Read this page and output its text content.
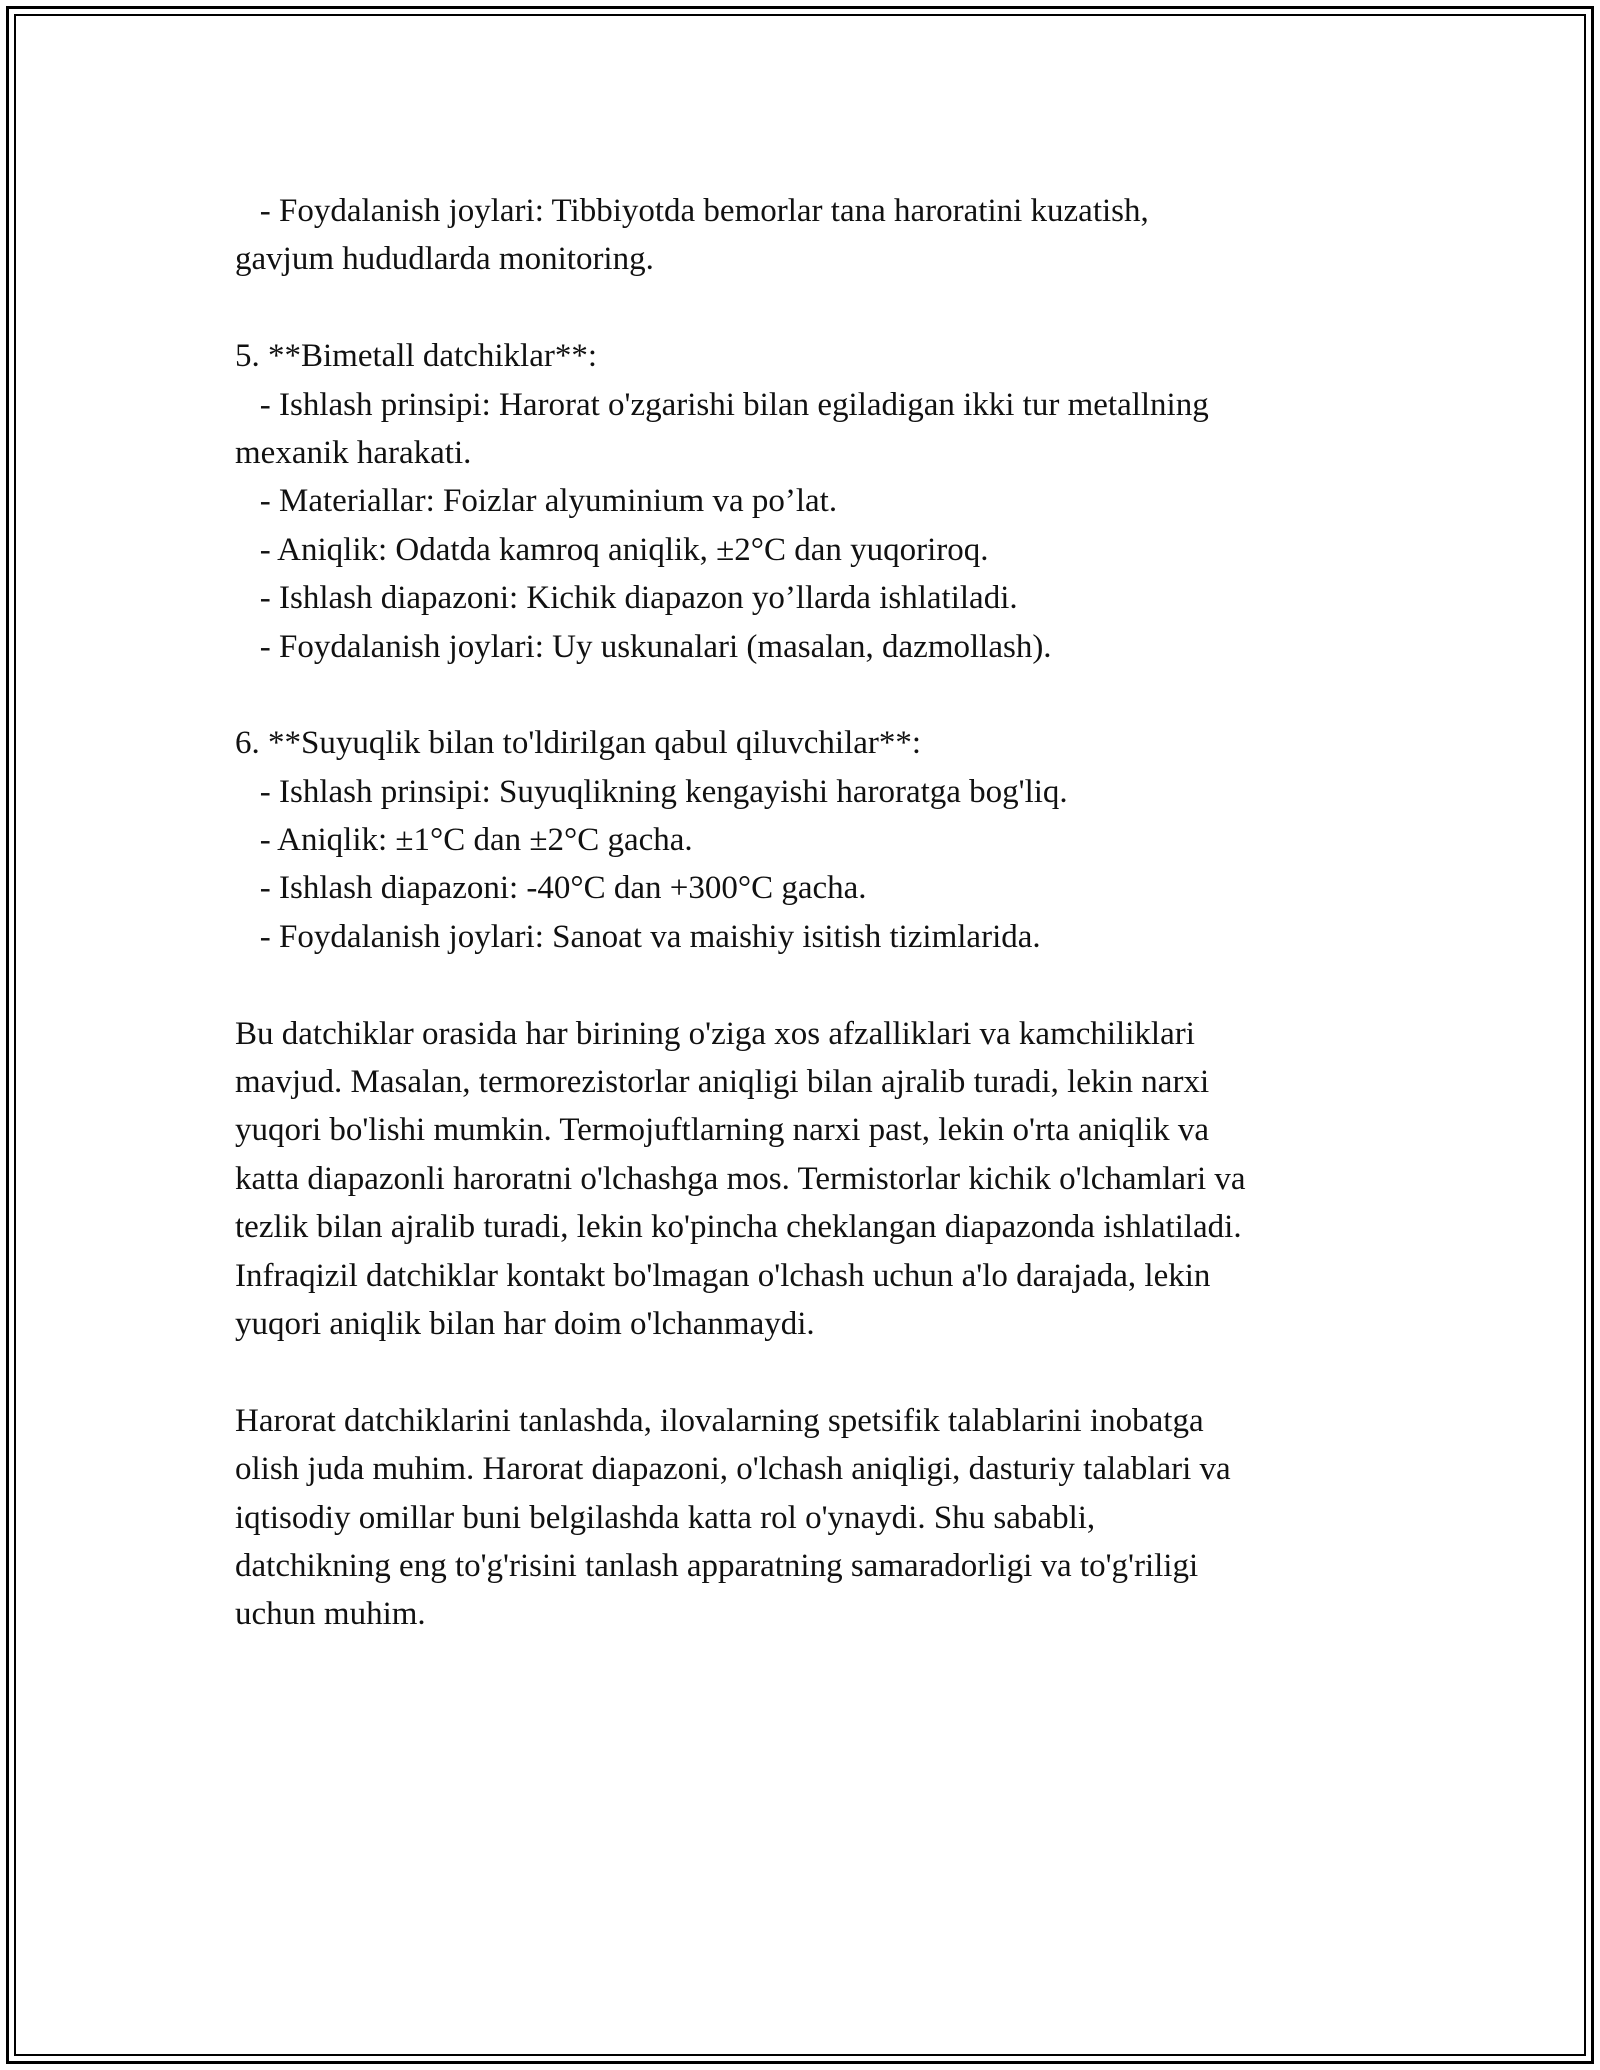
- Foydalanish joylari: Tibbiyotda bemorlar tana haroratini kuzatish,
gavjum hududlarda monitoring.
5. **Bimetall datchiklar**:
- Ishlash prinsipi: Harorat o'zgarishi bilan egiladigan ikki tur metallning
mexanik harakati.
- Materiallar: Foizlar alyuminium va po’lat.
- Aniqlik: Odatda kamroq aniqlik, ±2°C dan yuqoriroq.
- Ishlash diapazoni: Kichik diapazon yo’llarda ishlatiladi.
- Foydalanish joylari: Uy uskunalari (masalan, dazmollash).
6. **Suyuqlik bilan to'ldirilgan qabul qiluvchilar**:
- Ishlash prinsipi: Suyuqlikning kengayishi haroratga bog'liq.
- Aniqlik: ±1°C dan ±2°C gacha.
- Ishlash diapazoni: -40°C dan +300°C gacha.
- Foydalanish joylari: Sanoat va maishiy isitish tizimlarida.
Bu datchiklar orasida har birining o'ziga xos afzalliklari va kamchiliklari
mavjud. Masalan, termorezistorlar aniqligi bilan ajralib turadi, lekin narxi
yuqori bo'lishi mumkin. Termojuftlarning narxi past, lekin o'rta aniqlik va
katta diapazonli haroratni o'lchashga mos. Termistorlar kichik o'lchamlari va
tezlik bilan ajralib turadi, lekin ko'pincha cheklangan diapazonda ishlatiladi.
Infraqizil datchiklar kontakt bo'lmagan o'lchash uchun a'lo darajada, lekin
yuqori aniqlik bilan har doim o'lchanmaydi.
Harorat datchiklarini tanlashda, ilovalarning spetsifik talablarini inobatga
olish juda muhim. Harorat diapazoni, o'lchash aniqligi, dasturiy talablari va
iqtisodiy omillar buni belgilashda katta rol o'ynaydi. Shu sababli,
datchikning eng to'g'risini tanlash apparatning samaradorligi va to'g'riligi
uchun muhim.
